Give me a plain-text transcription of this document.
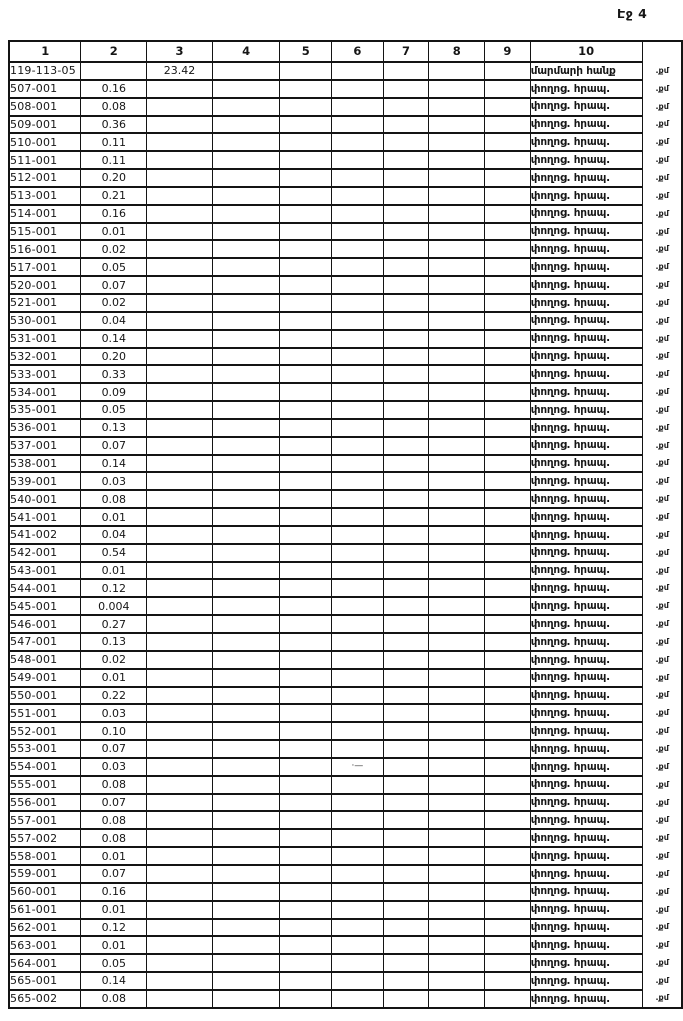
Էջ 4
1	2	3	4	5	6	7	8	9	10	
119-113-05		23.42							մարմարի հանք	.քմ
507-001	0.16								փողոց. հրապ.	.քմ
508-001	0.08								փողոց. հրապ.	.քմ
509-001	0.36								փողոց. հրապ.	.քմ
510-001	0.11								փողոց. հրապ.	.քմ
511-001	0.11								փողոց. հրապ.	.քմ
512-001	0.20								փողոց. հրապ.	.քմ
513-001	0.21								փողոց. հրապ.	.քմ
514-001	0.16								փողոց. հրապ.	.քմ
515-001	0.01								փողոց. հրապ.	.քմ
516-001	0.02								փողոց. հրապ.	.քմ
517-001	0.05								փողոց. հրապ.	.քմ
520-001	0.07								փողոց. հրապ.	.քմ
521-001	0.02								փողոց. հրապ.	.քմ
530-001	0.04								փողոց. հրապ.	.քմ
531-001	0.14								փողոց. հրապ.	.քմ
532-001	0.20								փողոց. հրապ.	.քմ
533-001	0.33								փողոց. հրապ.	.քմ
534-001	0.09								փողոց. հրապ.	.քմ
535-001	0.05								փողոց. հրապ.	.քմ
536-001	0.13								փողոց. հրապ.	.քմ
537-001	0.07								փողոց. հրապ.	.քմ
538-001	0.14								փողոց. հրապ.	.քմ
539-001	0.03								փողոց. հրապ.	.քմ
540-001	0.08								փողոց. հրապ.	.քմ
541-001	0.01								փողոց. հրապ.	.քմ
541-002	0.04								փողոց. հրապ.	.քմ
542-001	0.54								փողոց. հրապ.	.քմ
543-001	0.01								փողոց. հրապ.	.քմ
544-001	0.12								փողոց. հրապ.	.քմ
545-001	0.004								փողոց. հրապ.	.քմ
546-001	0.27								փողոց. հրապ.	.քմ
547-001	0.13								փողոց. հրապ.	.քմ
548-001	0.02								փողոց. հրապ.	.քմ
549-001	0.01								փողոց. հրապ.	.քմ
550-001	0.22								փողոց. հրապ.	.քմ
551-001	0.03								փողոց. հրապ.	.քմ
552-001	0.10								փողոց. հրապ.	.քմ
553-001	0.07								փողոց. հրապ.	.քմ
554-001	0.03				·—				փողոց. հրապ.	.քմ
555-001	0.08								փողոց. հրապ.	.քմ
556-001	0.07								փողոց. հրապ.	.քմ
557-001	0.08								փողոց. հրապ.	.քմ
557-002	0.08								փողոց. հրապ.	.քմ
558-001	0.01								փողոց. հրապ.	.քմ
559-001	0.07								փողոց. հրապ.	.քմ
560-001	0.16								փողոց. հրապ.	.քմ
561-001	0.01								փողոց. հրապ.	.քմ
562-001	0.12								փողոց. հրապ.	.քմ
563-001	0.01								փողոց. հրապ.	.քմ
564-001	0.05								փողոց. հրապ.	.քմ
565-001	0.14								փողոց. հրապ.	.քմ
565-002	0.08								փողոց. հրապ.	.քմ
